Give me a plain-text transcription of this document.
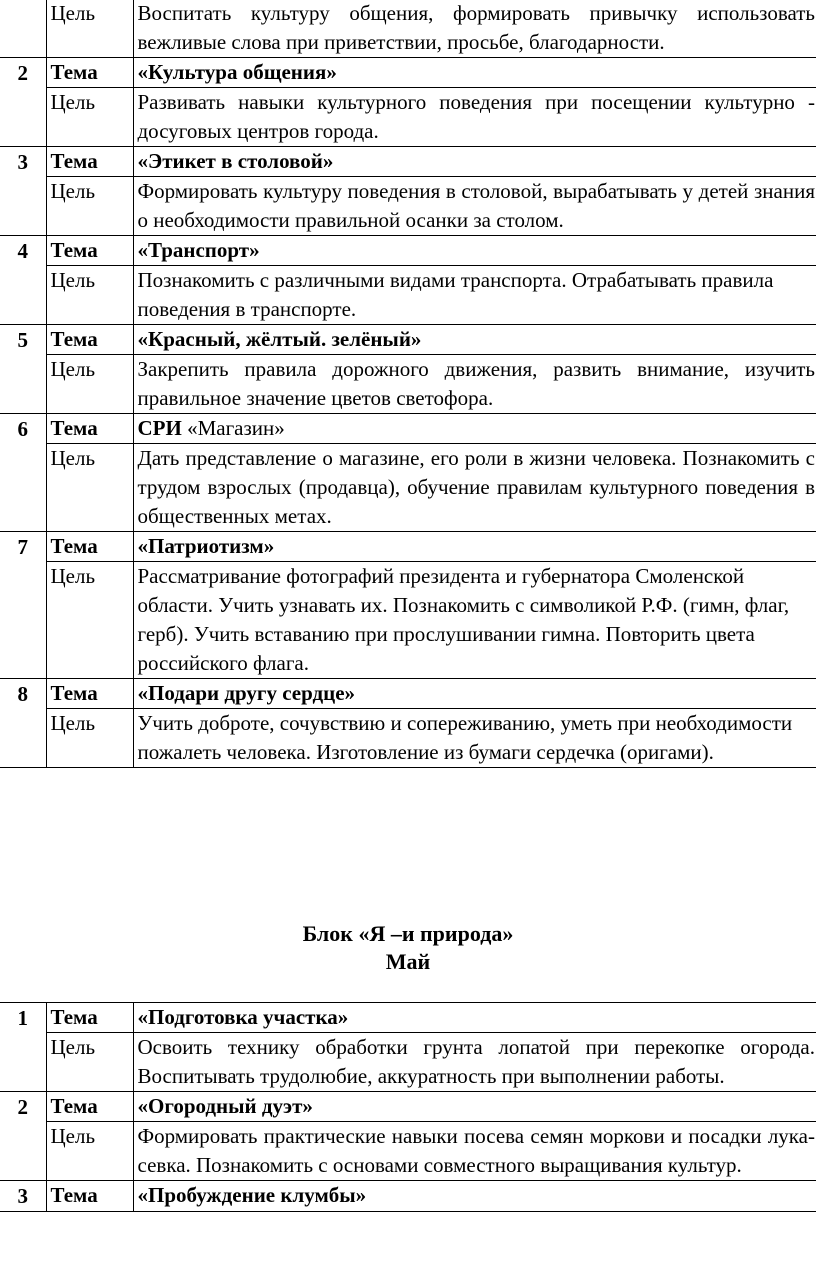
	Цель	Воспитать культуру общения, формировать привычку использовать вежливые слова при приветствии, просьбе, благодарности.
2	Тема	«Культура общения»
	Цель	Развивать навыки культурного поведения при посещении культурно - досуговых центров города.
3	Тема	«Этикет в столовой»
	Цель	Формировать культуру поведения в столовой, вырабатывать у детей знания о необходимости правильной осанки за столом.
4	Тема	«Транспорт»
	Цель	Познакомить с различными видами транспорта. Отрабатывать правила поведения в транспорте.
5	Тема	«Красный, жёлтый. зелёный»
	Цель	Закрепить правила дорожного движения, развить внимание, изучить правильное значение цветов светофора.
6	Тема	СРИ «Магазин»
	Цель	Дать представление о магазине, его роли в жизни человека. Познакомить с трудом взрослых (продавца), обучение правилам культурного поведения в общественных метах.
7	Тема	«Патриотизм»
	Цель	Рассматривание фотографий президента и губернатора Смоленской области. Учить узнавать их. Познакомить с символикой Р.Ф. (гимн, флаг, герб). Учить вставанию при прослушивании гимна. Повторить цвета российского флага.
8	Тема	«Подари другу сердце»
	Цель	Учить доброте, сочувствию и сопереживанию, уметь при необходимости пожалеть человека. Изготовление из бумаги сердечка (оригами).
Блок «Я –и природа»
Май
1	Тема	«Подготовка участка»
	Цель	Освоить технику обработки грунта лопатой при перекопке огорода. Воспитывать трудолюбие, аккуратность при выполнении работы.
2	Тема	«Огородный дуэт»
	Цель	Формировать практические навыки посева семян моркови и посадки лука-севка. Познакомить с основами совместного выращивания культур.
3	Тема	«Пробуждение клумбы»
